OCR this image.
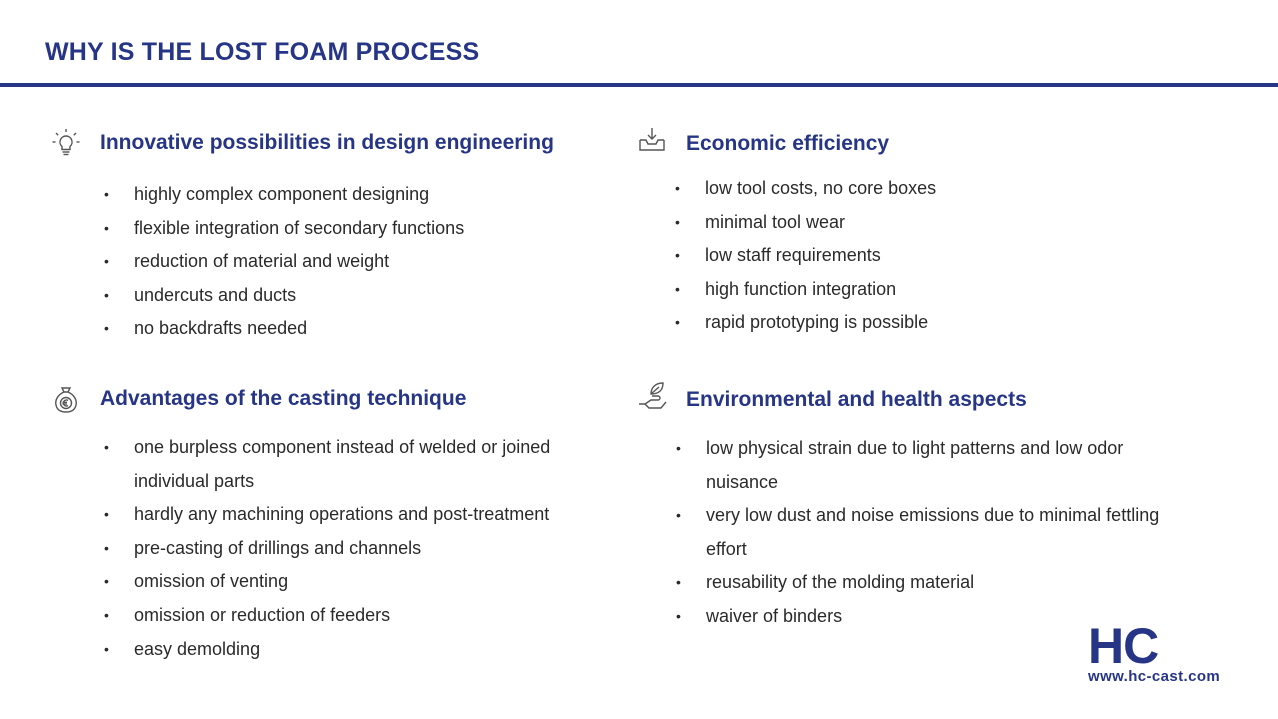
WHY IS THE LOST FOAM PROCESS
Innovative possibilities in design engineering
• highly complex component designing
• flexible integration of secondary functions
• reduction of material and weight
• undercuts and ducts
• no backdrafts needed
Economic efficiency
• low tool costs, no core boxes
• minimal tool wear
• low staff requirements
• high function integration
• rapid prototyping is possible
Advantages of the casting technique
• one burpless component instead of welded or joined individual parts
• hardly any machining operations and post-treatment
• pre-casting of drillings and channels
• omission of venting
• omission or reduction of feeders
• easy demolding
Environmental and health aspects
• low physical strain due to light patterns and low odor nuisance
• very low dust and noise emissions due to minimal fettling effort
• reusability of the molding material
• waiver of binders
HC
www.hc-cast.com
